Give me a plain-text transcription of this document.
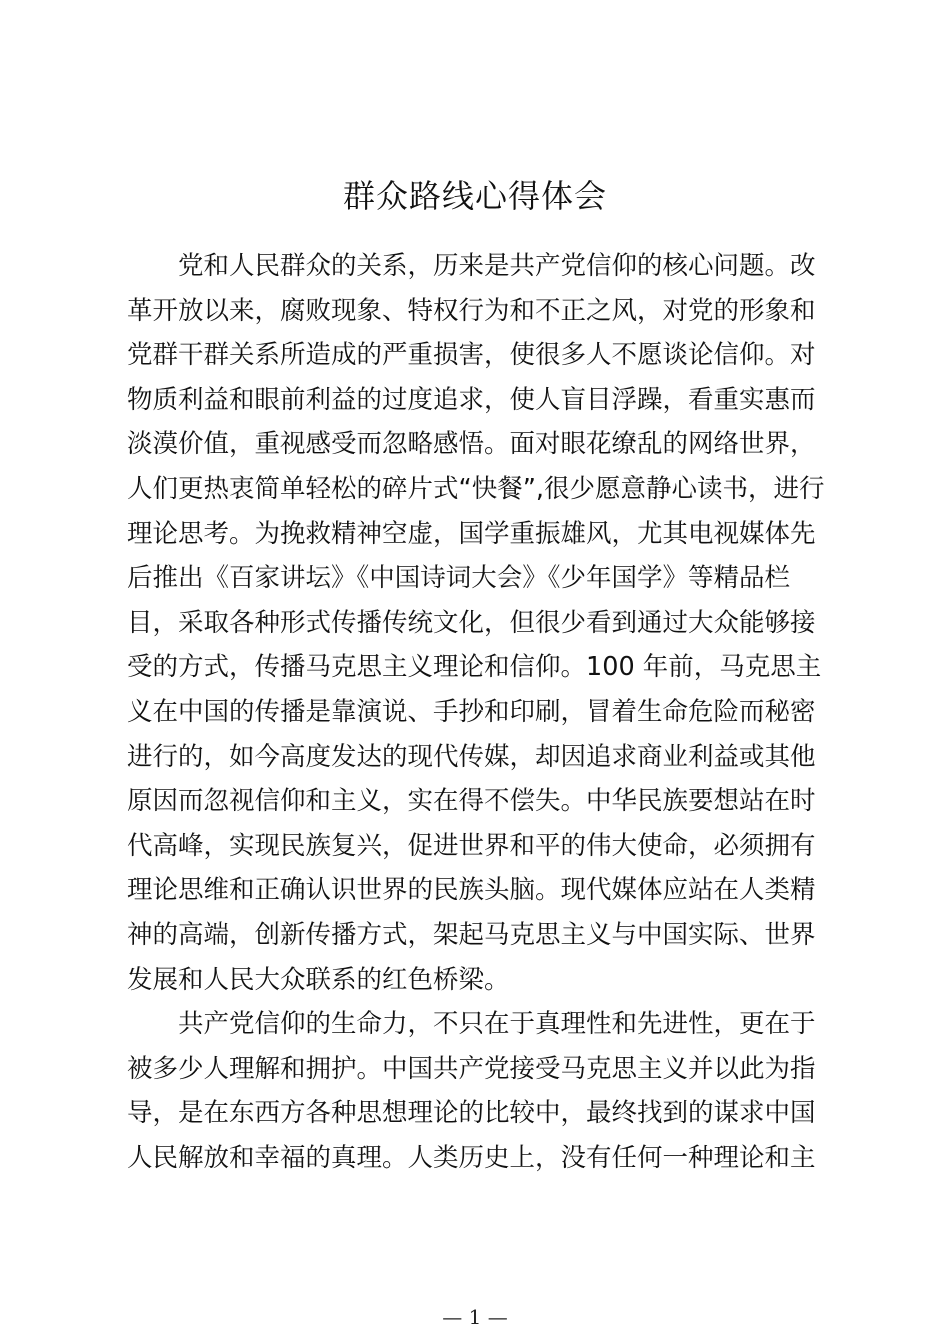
群众路线心得体会
党和人民群众的关系，历来是共产党信仰的核心问题。改
革开放以来，腐败现象、特权行为和不正之风，对党的形象和
党群干群关系所造成的严重损害，使很多人不愿谈论信仰。对
物质利益和眼前利益的过度追求，使人盲目浮躁，看重实惠而
淡漠价值，重视感受而忽略感悟。面对眼花缭乱的网络世界，
人们更热衷简单轻松的碎片式“快餐”,很少愿意静心读书，进行
理论思考。为挽救精神空虚，国学重振雄风，尤其电视媒体先
后推出《百家讲坛》《中国诗词大会》《少年国学》等精品栏
目，采取各种形式传播传统文化，但很少看到通过大众能够接
受的方式，传播马克思主义理论和信仰。100 年前，马克思主
义在中国的传播是靠演说、手抄和印刷，冒着生命危险而秘密
进行的，如今高度发达的现代传媒，却因追求商业利益或其他
原因而忽视信仰和主义，实在得不偿失。中华民族要想站在时
代高峰，实现民族复兴，促进世界和平的伟大使命，必须拥有
理论思维和正确认识世界的民族头脑。现代媒体应站在人类精
神的高端，创新传播方式，架起马克思主义与中国实际、世界
发展和人民大众联系的红色桥梁。
共产党信仰的生命力，不只在于真理性和先进性，更在于
被多少人理解和拥护。中国共产党接受马克思主义并以此为指
导，是在东西方各种思想理论的比较中，最终找到的谋求中国
人民解放和幸福的真理。人类历史上，没有任何一种理论和主
— 1 —
